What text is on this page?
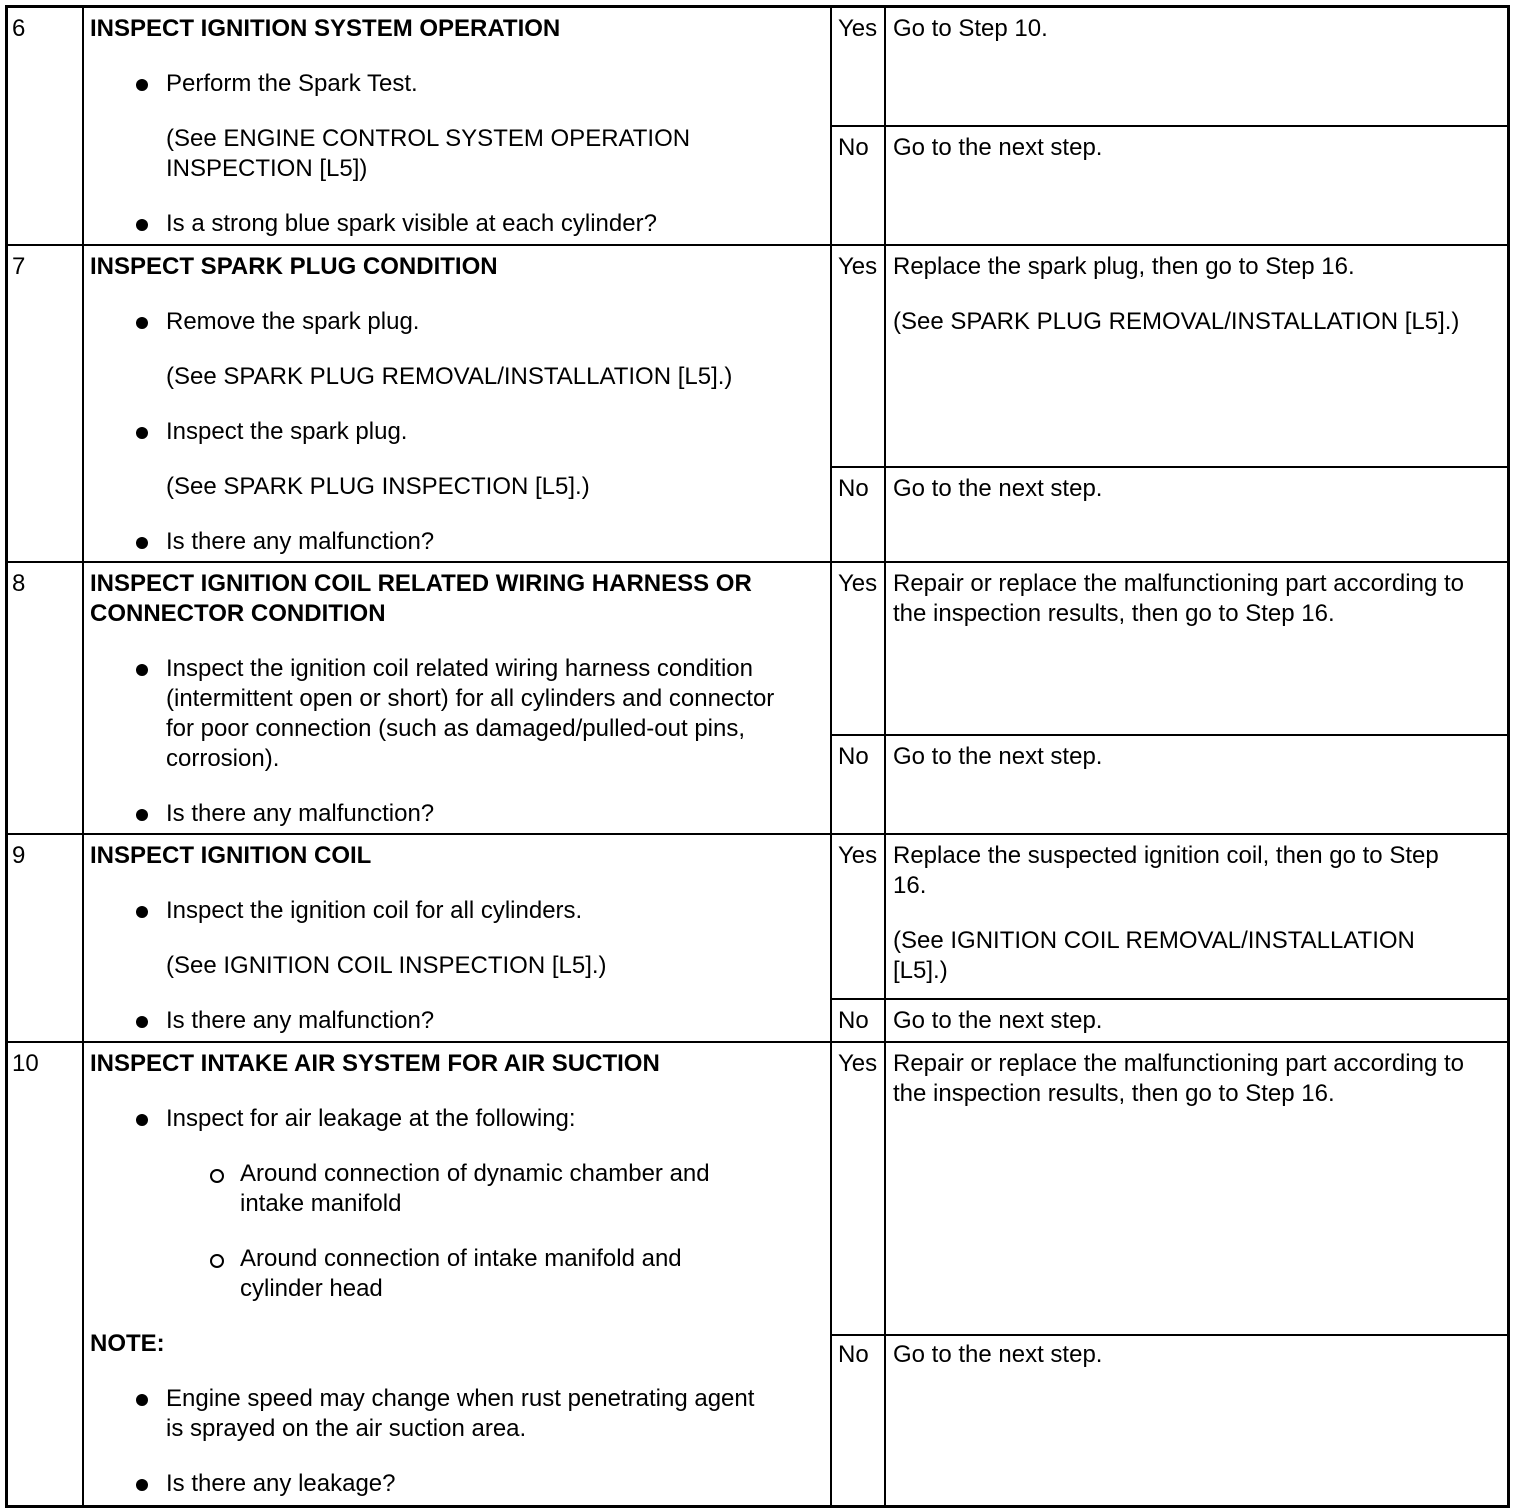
6	INSPECT IGNITION SYSTEM OPERATION
Perform the Spark Test.
(See ENGINE CONTROL SYSTEM OPERATION
INSPECTION [L5])
Is a strong blue spark visible at each cylinder?
Yes Go to Step 10.
No Go to the next step.
7	INSPECT SPARK PLUG CONDITION
Remove the spark plug.
(See SPARK PLUG REMOVAL/INSTALLATION [L5].)
Inspect the spark plug.
(See SPARK PLUG INSPECTION [L5].)
Is there any malfunction?
Yes Replace the spark plug, then go to Step 16.
(See SPARK PLUG REMOVAL/INSTALLATION [L5].)
No Go to the next step.
8	INSPECT IGNITION COIL RELATED WIRING HARNESS OR
CONNECTOR CONDITION
Inspect the ignition coil related wiring harness condition
(intermittent open or short) for all cylinders and connector
for poor connection (such as damaged/pulled-out pins,
corrosion).
Is there any malfunction?
Yes Repair or replace the malfunctioning part according to
the inspection results, then go to Step 16.
No Go to the next step.
9	INSPECT IGNITION COIL
Inspect the ignition coil for all cylinders.
(See IGNITION COIL INSPECTION [L5].)
Is there any malfunction?
Yes Replace the suspected ignition coil, then go to Step
16.
(See IGNITION COIL REMOVAL/INSTALLATION
[L5].)
No Go to the next step.
10 INSPECT INTAKE AIR SYSTEM FOR AIR SUCTION
Inspect for air leakage at the following:
Around connection of dynamic chamber and
intake manifold
Around connection of intake manifold and
cylinder head
NOTE:
Engine speed may change when rust penetrating agent
is sprayed on the air suction area.
Is there any leakage?
Yes Repair or replace the malfunctioning part according to
the inspection results, then go to Step 16.
No Go to the next step.
